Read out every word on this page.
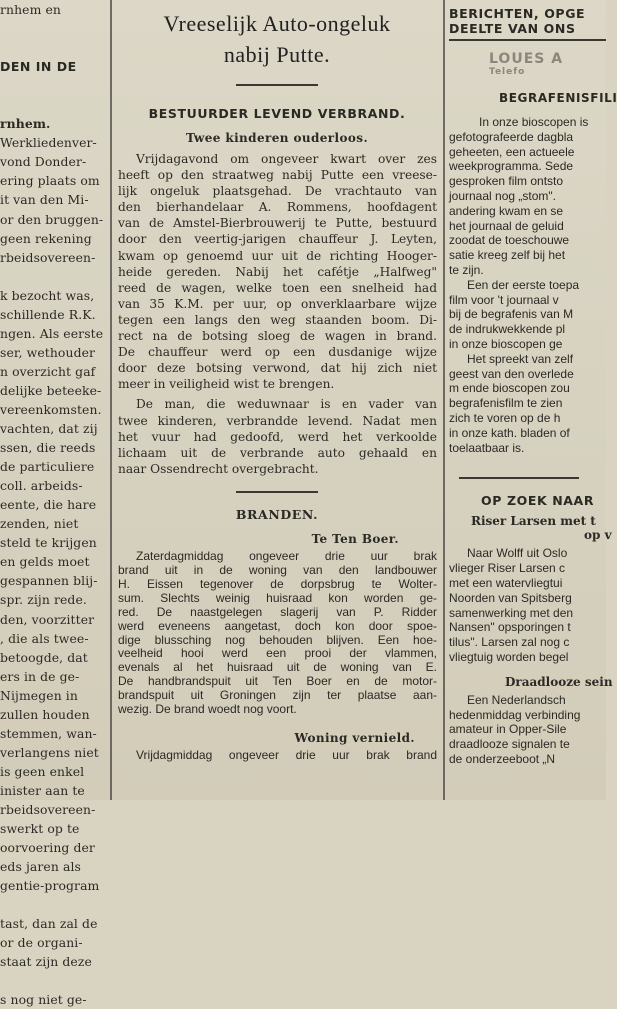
rnhem en
DEN IN DE
rnhem.
Werkliedenver-
vond Donder-
ering plaats om
it van den Mi-
or den bruggen-
geen rekening
rbeidsovereen-
k bezocht was,
schillende R.K.
ngen. Als eerste
ser, wethouder
n overzicht gaf
delijke beteeke-
vereenkomsten.
vachten, dat zij
ssen, die reeds
de particuliere
coll. arbeids-
eente, die hare
zenden, niet
steld te krijgen
en gelds moet
gespannen blij-
spr. zijn rede.
den, voorzitter
, die als twee-
betoogde, dat
ers in de ge-
Nijmegen in
zullen houden
stemmen, wan-
verlangens niet
is geen enkel
inister aan te
rbeidsovereen-
swerkt op te
oorvoering der
eds jaren als
gentie-program
tast, dan zal de
or de organi-
staat zijn deze
s nog niet ge-
Vreeselijk Auto-ongeluk
nabij Putte.
BESTUURDER LEVEND VERBRAND.
Twee kinderen ouderloos.
Vrijdagavond om ongeveer kwart over zes
heeft op den straatweg nabij Putte een vreese-
lijk ongeluk plaatsgehad. De vrachtauto van
den bierhandelaar A. Rommens, hoofdagent
van de Amstel-Bierbrouwerij te Putte, bestuurd
door den veertig-jarigen chauffeur J. Leyten,
kwam op genoemd uur uit de richting Hooger-
heide gereden. Nabij het cafétje „Halfweg"
reed de wagen, welke toen een snelheid had
van 35 K.M. per uur, op onverklaarbare wijze
tegen een langs den weg staanden boom. Di-
rect na de botsing sloeg de wagen in brand.
De chauffeur werd op een dusdanige wijze
door deze botsing verwond, dat hij zich niet
meer in veiligheid wist te brengen.
De man, die weduwnaar is en vader van
twee kinderen, verbrandde levend. Nadat men
het vuur had gedoofd, werd het verkoolde
lichaam uit de verbrande auto gehaald en
naar Ossendrecht overgebracht.
BRANDEN.
Te Ten Boer.
Zaterdagmiddag ongeveer drie uur brak
brand uit in de woning van den landbouwer
H. Eissen tegenover de dorpsbrug te Wolter-
sum. Slechts weinig huisraad kon worden ge-
red. De naastgelegen slagerij van P. Ridder
werd eveneens aangetast, doch kon door spoe-
dige blussching nog behouden blijven. Een hoe-
veelheid hooi werd een prooi der vlammen,
evenals al het huisraad uit de woning van E.
De handbrandspuit uit Ten Boer en de motor-
brandspuit uit Groningen zijn ter plaatse aan-
wezig. De brand woedt nog voort.
Woning vernield.
Vrijdagmiddag ongeveer drie uur brak brand
BERICHTEN, OPGE
DEELTE VAN ONS
LOUES A
Telefo
BEGRAFENISFILI
In onze bioscopen is
gefotografeerde dagbla
geheeten, een actueele
weekprogramma. Sede
gesproken film ontsto
journaal nog „stom".
andering kwam en se
het journaal de geluid
zoodat de toeschouwe
satie kreeg zelf bij het
te zijn.
Een der eerste toepa
film voor 't journaal v
bij de begrafenis van M
de indrukwekkende pl
in onze bioscopen ge
Het spreekt van zelf
geest van den overlede
m ende bioscopen zou
begrafenisfilm te zien
zich te voren op de h
in onze kath. bladen of
toelaatbaar is.
OP ZOEK NAAR
Riser Larsen met t
op v
Naar Wolff uit Oslo
vlieger Riser Larsen c
met een watervliegtui
Noorden van Spitsberg
samenwerking met den
Nansen" opsporingen t
tilus". Larsen zal nog c
vliegtuig worden begel
Draadlooze sein
Een Nederlandsch
hedenmiddag verbinding
amateur in Opper-Sile
draadlooze signalen te
de onderzeeboot „N
